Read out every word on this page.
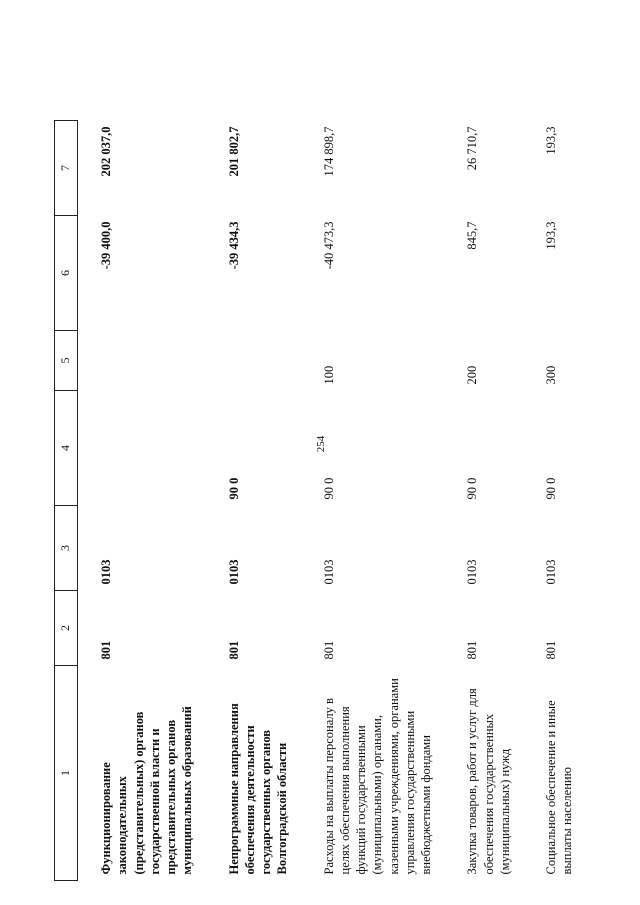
254
1	2	3	4	5	6	7
Функционирование законодательных (представительных) органов государственной власти и представительных органов муниципальных образований	801	0103			-39 400,0	202 037,0
Непрограммные направления обеспечения деятельности государственных органов Волгоградской области	801	0103	90 0		-39 434,3	201 802,7
Расходы на выплаты персоналу в целях обеспечения выполнения функций государственными (муниципальными) органами, казенными учреждениями, органами управления государственными внебюджетными фондами	801	0103	90 0	100	-40 473,3	174 898,7
Закупка товаров, работ и услуг для обеспечения государственных (муниципальных) нужд	801	0103	90 0	200	845,7	26 710,7
Социальное обеспечение и иные выплаты населению	801	0103	90 0	300	193,3	193,3
